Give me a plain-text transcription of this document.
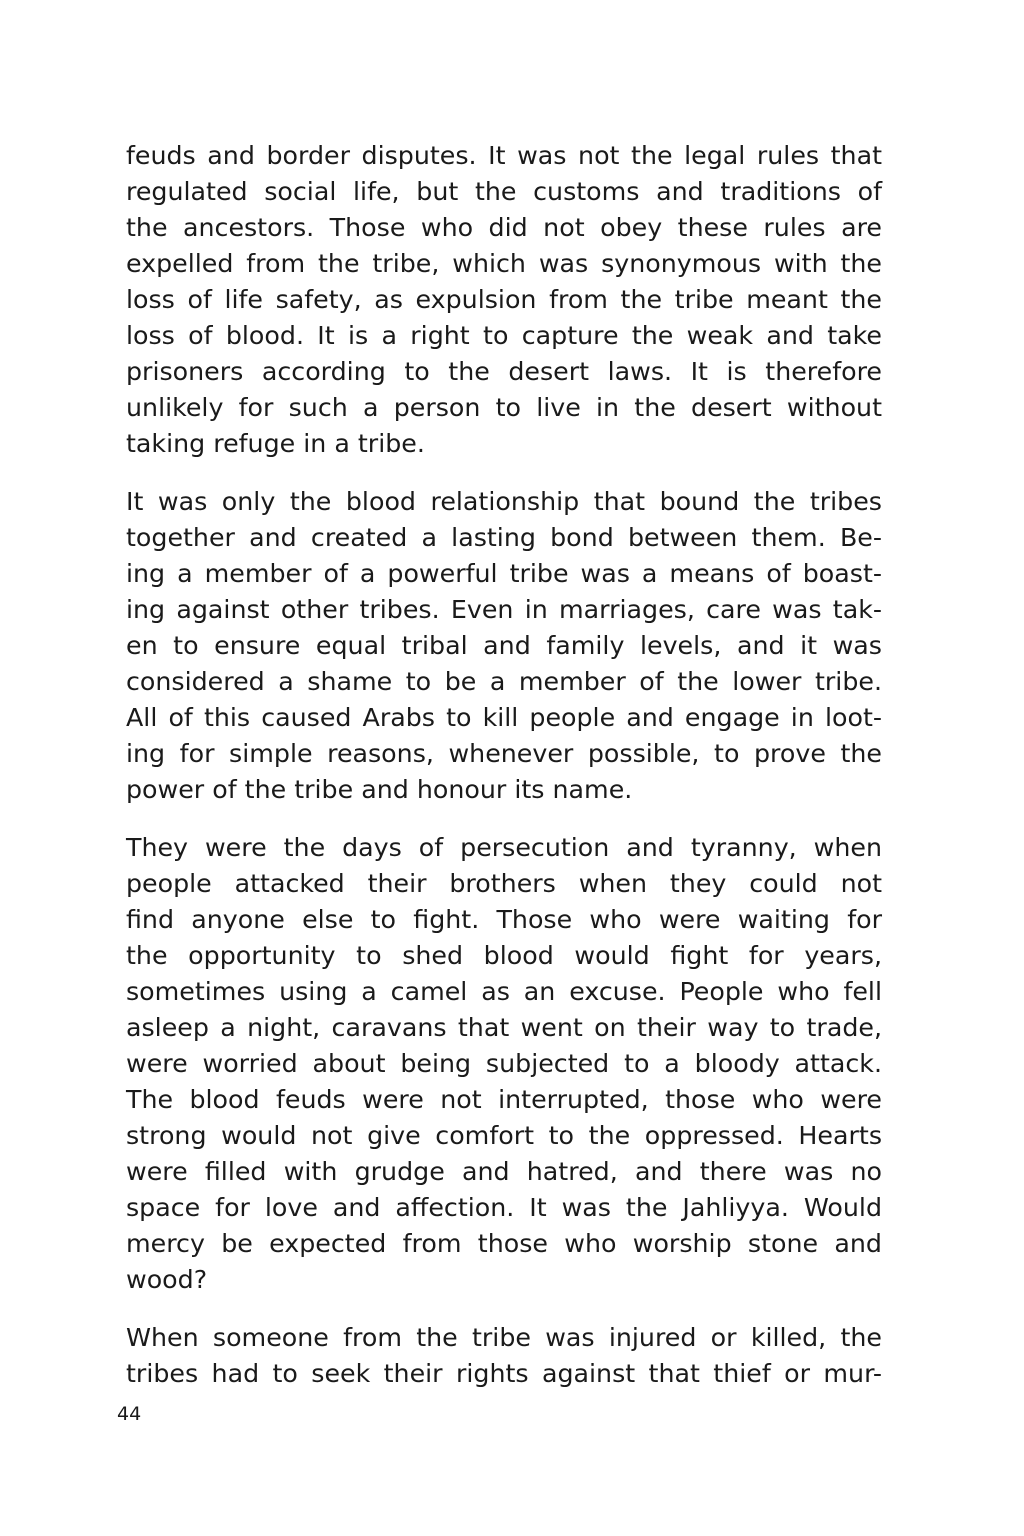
feuds and border disputes. It was not the legal rules that
regulated social life, but the customs and traditions of
the ancestors. Those who did not obey these rules are
expelled from the tribe, which was synonymous with the
loss of life safety, as expulsion from the tribe meant the
loss of blood. It is a right to capture the weak and take
prisoners according to the desert laws. It is therefore
unlikely for such a person to live in the desert without
taking refuge in a tribe.
It was only the blood relationship that bound the tribes
together and created a lasting bond between them. Be-
ing a member of a powerful tribe was a means of boast-
ing against other tribes. Even in marriages, care was tak-
en to ensure equal tribal and family levels, and it was
considered a shame to be a member of the lower tribe.
All of this caused Arabs to kill people and engage in loot-
ing for simple reasons, whenever possible, to prove the
power of the tribe and honour its name.
They were the days of persecution and tyranny, when
people attacked their brothers when they could not
find anyone else to fight. Those who were waiting for
the opportunity to shed blood would fight for years,
sometimes using a camel as an excuse. People who fell
asleep a night, caravans that went on their way to trade,
were worried about being subjected to a bloody attack.
The blood feuds were not interrupted, those who were
strong would not give comfort to the oppressed. Hearts
were filled with grudge and hatred, and there was no
space for love and affection. It was the Jahliyya. Would
mercy be expected from those who worship stone and
wood?
When someone from the tribe was injured or killed, the
tribes had to seek their rights against that thief or mur-
44
